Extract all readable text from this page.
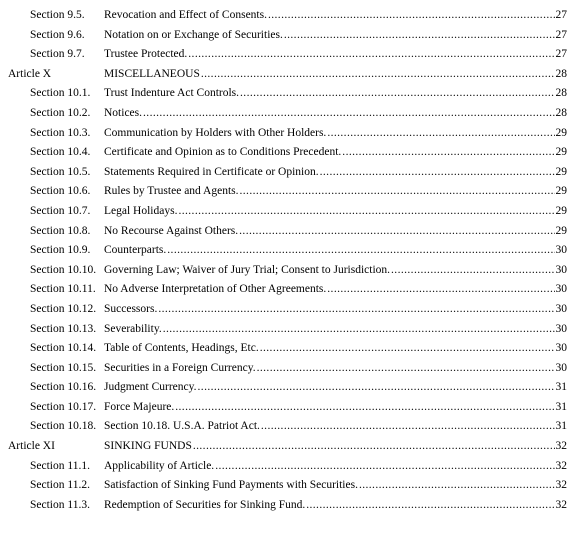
Section 9.5. Revocation and Effect of Consents. .....	27
Section 9.6. Notation on or Exchange of Securities. .....	27
Section 9.7. Trustee Protected. .....	27
Article X	MISCELLANEOUS .....	28
Section 10.1. Trust Indenture Act Controls. .....	28
Section 10.2. Notices. .....	28
Section 10.3. Communication by Holders with Other Holders. .....	29
Section 10.4. Certificate and Opinion as to Conditions Precedent. .....	29
Section 10.5. Statements Required in Certificate or Opinion. .....	29
Section 10.6. Rules by Trustee and Agents. .....	29
Section 10.7. Legal Holidays. .....	29
Section 10.8. No Recourse Against Others. .....	29
Section 10.9. Counterparts. .....	30
Section 10.10. Governing Law; Waiver of Jury Trial; Consent to Jurisdiction. .....	30
Section 10.11. No Adverse Interpretation of Other Agreements. .....	30
Section 10.12. Successors. .....	30
Section 10.13. Severability. .....	30
Section 10.14. Table of Contents, Headings, Etc. .....	30
Section 10.15. Securities in a Foreign Currency. .....	30
Section 10.16. Judgment Currency. .....	31
Section 10.17. Force Majeure. .....	31
Section 10.18. Section 10.18. U.S.A. Patriot Act. .....	31
Article XI	SINKING FUNDS .....	32
Section 11.1. Applicability of Article. .....	32
Section 11.2. Satisfaction of Sinking Fund Payments with Securities. .....	32
Section 11.3. Redemption of Securities for Sinking Fund. .....	32
